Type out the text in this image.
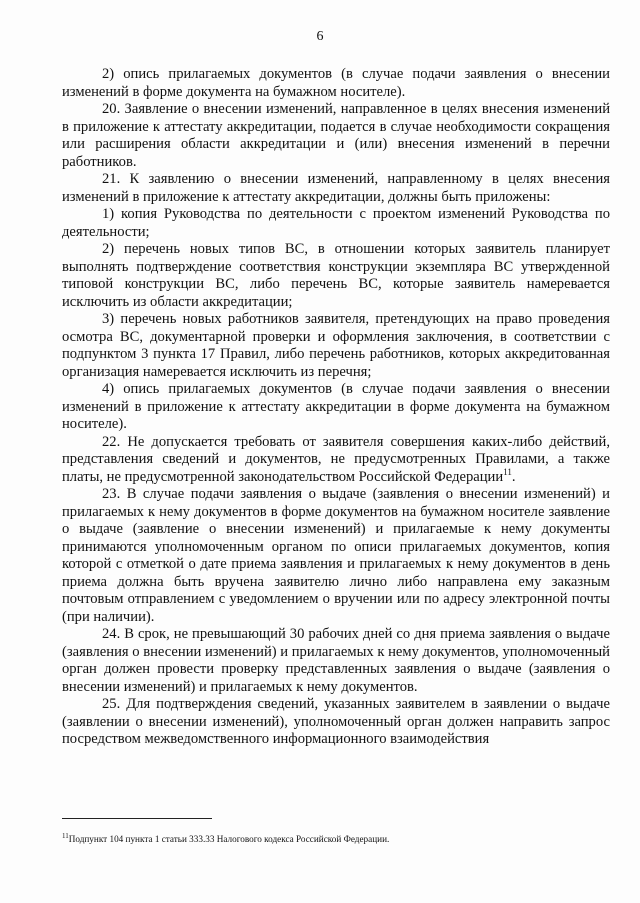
6

2) опись прилагаемых документов (в случае подачи заявления о внесении изменений в форме документа на бумажном носителе).

20. Заявление о внесении изменений, направленное в целях внесения изменений в приложение к аттестату аккредитации, подается в случае необходимости сокращения или расширения области аккредитации и (или) внесения изменений в перечни работников.

21. К заявлению о внесении изменений, направленному в целях внесения изменений в приложение к аттестату аккредитации, должны быть приложены:

1) копия Руководства по деятельности с проектом изменений Руководства по деятельности;

2) перечень новых типов ВС, в отношении которых заявитель планирует выполнять подтверждение соответствия конструкции экземпляра ВС утвержденной типовой конструкции ВС, либо перечень ВС, которые заявитель намеревается исключить из области аккредитации;

3) перечень новых работников заявителя, претендующих на право проведения осмотра ВС, документарной проверки и оформления заключения, в соответствии с подпунктом 3 пункта 17 Правил, либо перечень работников, которых аккредитованная организация намеревается исключить из перечня;

4) опись прилагаемых документов (в случае подачи заявления о внесении изменений в приложение к аттестату аккредитации в форме документа на бумажном носителе).

22. Не допускается требовать от заявителя совершения каких-либо действий, представления сведений и документов, не предусмотренных Правилами, а также платы, не предусмотренной законодательством Российской Федерации$^{11}$.

23. В случае подачи заявления о выдаче (заявления о внесении изменений) и прилагаемых к нему документов в форме документов на бумажном носителе заявление о выдаче (заявление о внесении изменений) и прилагаемые к нему документы принимаются уполномоченным органом по описи прилагаемых документов, копия которой с отметкой о дате приема заявления и прилагаемых к нему документов в день приема должна быть вручена заявителю лично либо направлена ему заказным почтовым отправлением с уведомлением о вручении или по адресу электронной почты (при наличии).

24. В срок, не превышающий 30 рабочих дней со дня приема заявления о выдаче (заявления о внесении изменений) и прилагаемых к нему документов, уполномоченный орган должен провести проверку представленных заявления о выдаче (заявления о внесении изменений) и прилагаемых к нему документов.

25. Для подтверждения сведений, указанных заявителем в заявлении о выдаче (заявлении о внесении изменений), уполномоченный орган должен направить запрос посредством межведомственного информационного взаимодействия

$^{11}$Подпункт 104 пункта 1 статьи 333.33 Налогового кодекса Российской Федерации.
